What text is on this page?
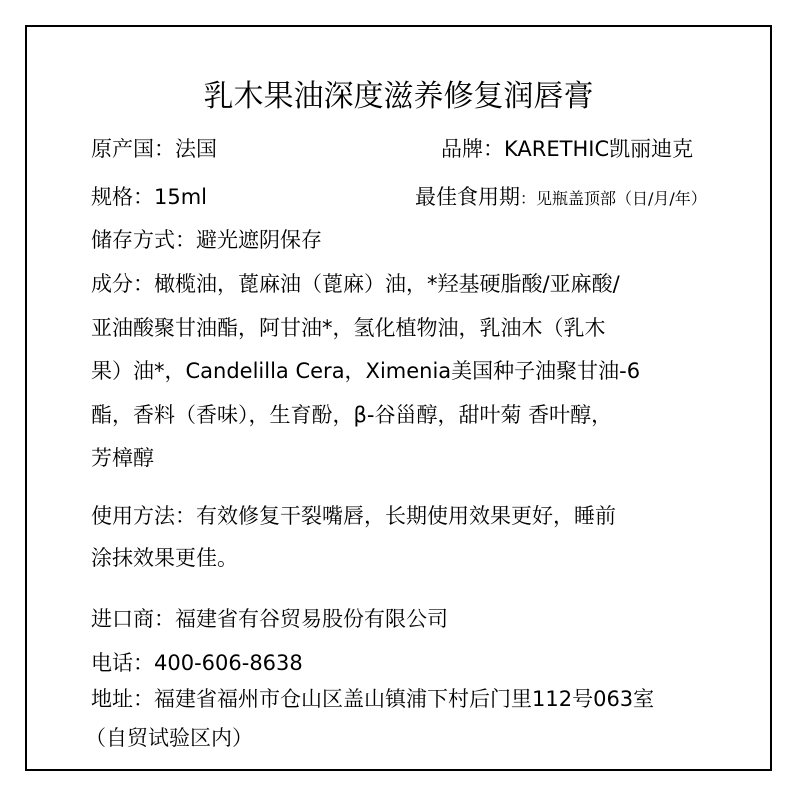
乳木果油深度滋养修复润唇膏
原产国：法国	品牌：KARETHIC凯丽迪克
规格：15ml	最佳食用期：见瓶盖顶部（日/月/年）
储存方式：避光遮阴保存
成分：橄榄油，蓖麻油（蓖麻）油，*羟基硬脂酸/亚麻酸/
亚油酸聚甘油酯，阿甘油*，氢化植物油，乳油木（乳木
果）油*，Candelilla Cera，Ximenia美国种子油聚甘油-6
酯，香料（香味），生育酚，β-谷甾醇，甜叶菊 香叶醇，
芳樟醇
使用方法：有效修复干裂嘴唇，长期使用效果更好，睡前
涂抹效果更佳。
进口商：福建省有谷贸易股份有限公司
电话：400-606-8638
地址：福建省福州市仓山区盖山镇浦下村后门里112号063室
（自贸试验区内）
